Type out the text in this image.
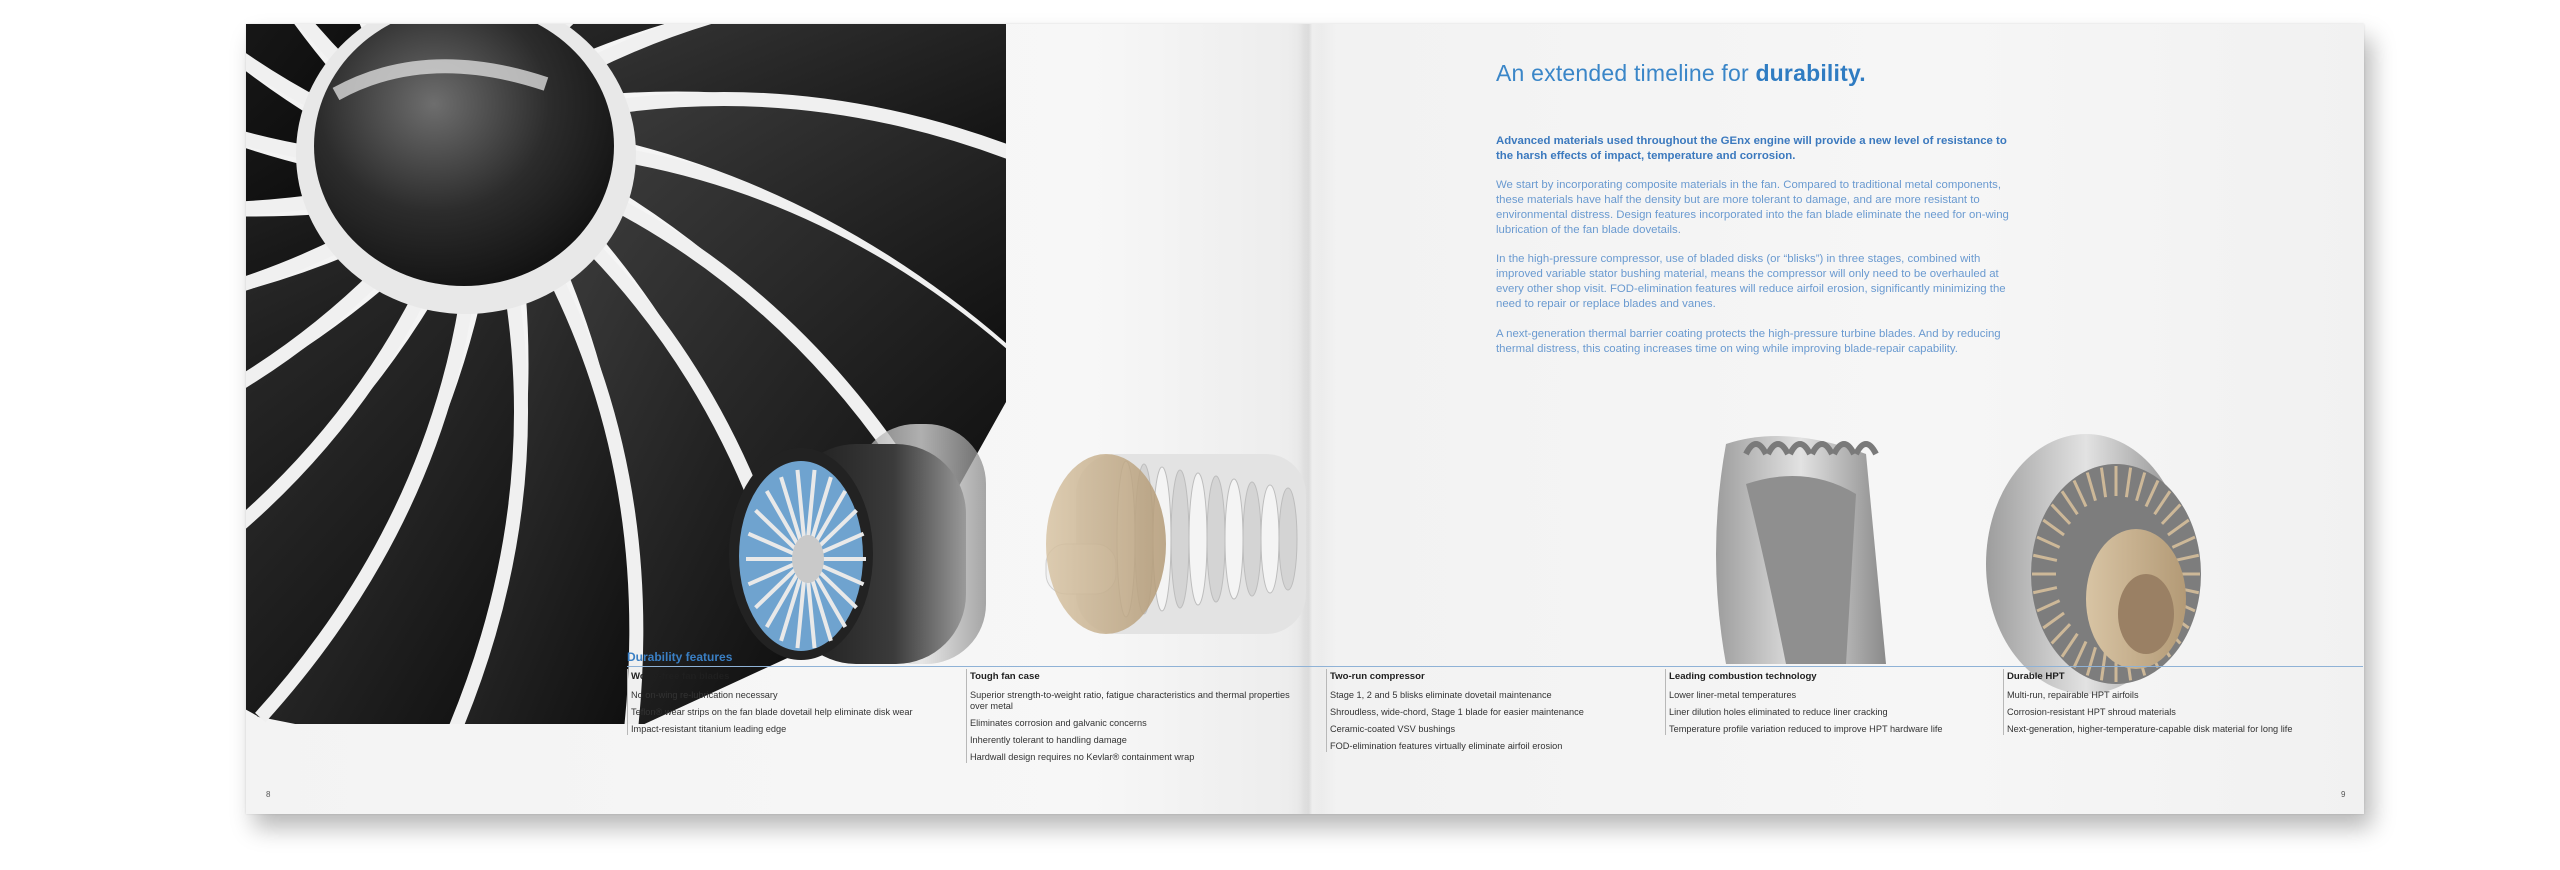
An extended timeline for durability.
Advanced materials used throughout the GEnx engine will provide a new level of resistance to the harsh effects of impact, temperature and corrosion.
We start by incorporating composite materials in the fan. Compared to traditional metal components, these materials have half the density but are more tolerant to damage, and are more resistant to environmental distress. Design features incorporated into the fan blade eliminate the need for on-wing lubrication of the fan blade dovetails.
In the high-pressure compressor, use of bladed disks (or “blisks”) in three stages, combined with improved variable stator bushing material, means the compressor will only need to be overhauled at every other shop visit. FOD-elimination features will reduce airfoil erosion, significantly minimizing the need to repair or replace blades and vanes.
A next-generation thermal barrier coating protects the high-pressure turbine blades. And by reducing thermal distress, this coating increases time on wing while improving blade-repair capability.
Durability features
Worry-free fan blades
No on-wing re-lubrication necessary
Teflon® wear strips on the fan blade dovetail help eliminate disk wear
Impact-resistant titanium leading edge
Tough fan case
Superior strength-to-weight ratio, fatigue characteristics and thermal properties over metal
Eliminates corrosion and galvanic concerns
Inherently tolerant to handling damage
Hardwall design requires no Kevlar® containment wrap
Two-run compressor
Stage 1, 2 and 5 blisks eliminate dovetail maintenance
Shroudless, wide-chord, Stage 1 blade for easier maintenance
Ceramic-coated VSV bushings
FOD-elimination features virtually eliminate airfoil erosion
Leading combustion technology
Lower liner-metal temperatures
Liner dilution holes eliminated to reduce liner cracking
Temperature profile variation reduced to improve HPT hardware life
Durable HPT
Multi-run, repairable HPT airfoils
Corrosion-resistant HPT shroud materials
Next-generation, higher-temperature-capable disk material for long life
8	9
